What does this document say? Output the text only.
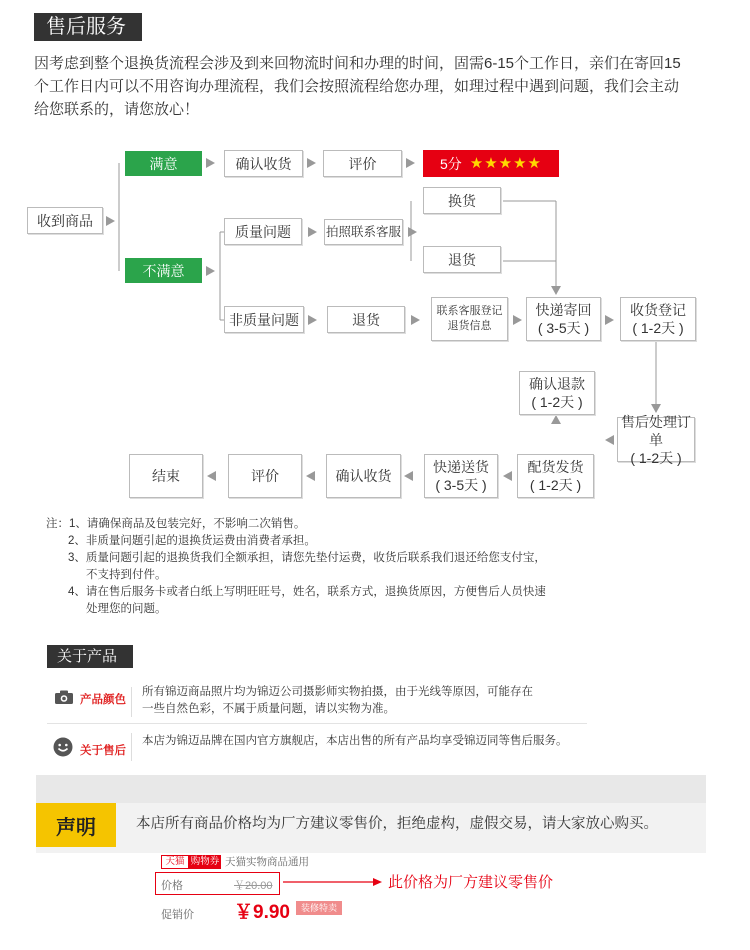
售后服务
因考虑到整个退换货流程会涉及到来回物流时间和办理的时间，固需6-15个工作日，亲们在寄回15
个工作日内可以不用咨询办理流程，我们会按照流程给您办理，如理过程中遇到问题，我们会主动
给您联系的，请您放心！
收到商品
满意	确认收货	评价	5分 ★★★★★
不满意
质量问题	拍照联系客服
换货
退货
非质量问题	退货
联系客服登记
退货信息
快递寄回
( 3-5天 )
收货登记
( 1-2天 )
确认退款
( 1-2天 )
售后处理订单
( 1-2天 )
配货发货
( 1-2天 )
快递送货
( 3-5天 )
确认收货
评价
结束
注：1、请确保商品及包装完好，不影响二次销售。
2、非质量问题引起的退换货运费由消费者承担。
3、质量问题引起的退换货我们全额承担，请您先垫付运费，收货后联系我们退还给您支付宝，
不支持到付件。
4、请在售后服务卡或者白纸上写明旺旺号，姓名，联系方式，退换货原因，方便售后人员快速
处理您的问题。
关于产品
产品颜色
所有锦迈商品照片均为锦迈公司摄影师实物拍摄，由于光线等原因，可能存在
一些自然色彩，不属于质量问题，请以实物为准。
关于售后
本店为锦迈品牌在国内官方旗舰店，本店出售的所有产品均享受锦迈同等售后服务。
声明	本店所有商品价格均为厂方建议零售价，拒绝虚构，虚假交易，请大家放心购买。
天猫 购物券 天猫实物商品通用
价格	￥20.00	此价格为厂方建议零售价
促销价 ￥9.90	装修特卖
